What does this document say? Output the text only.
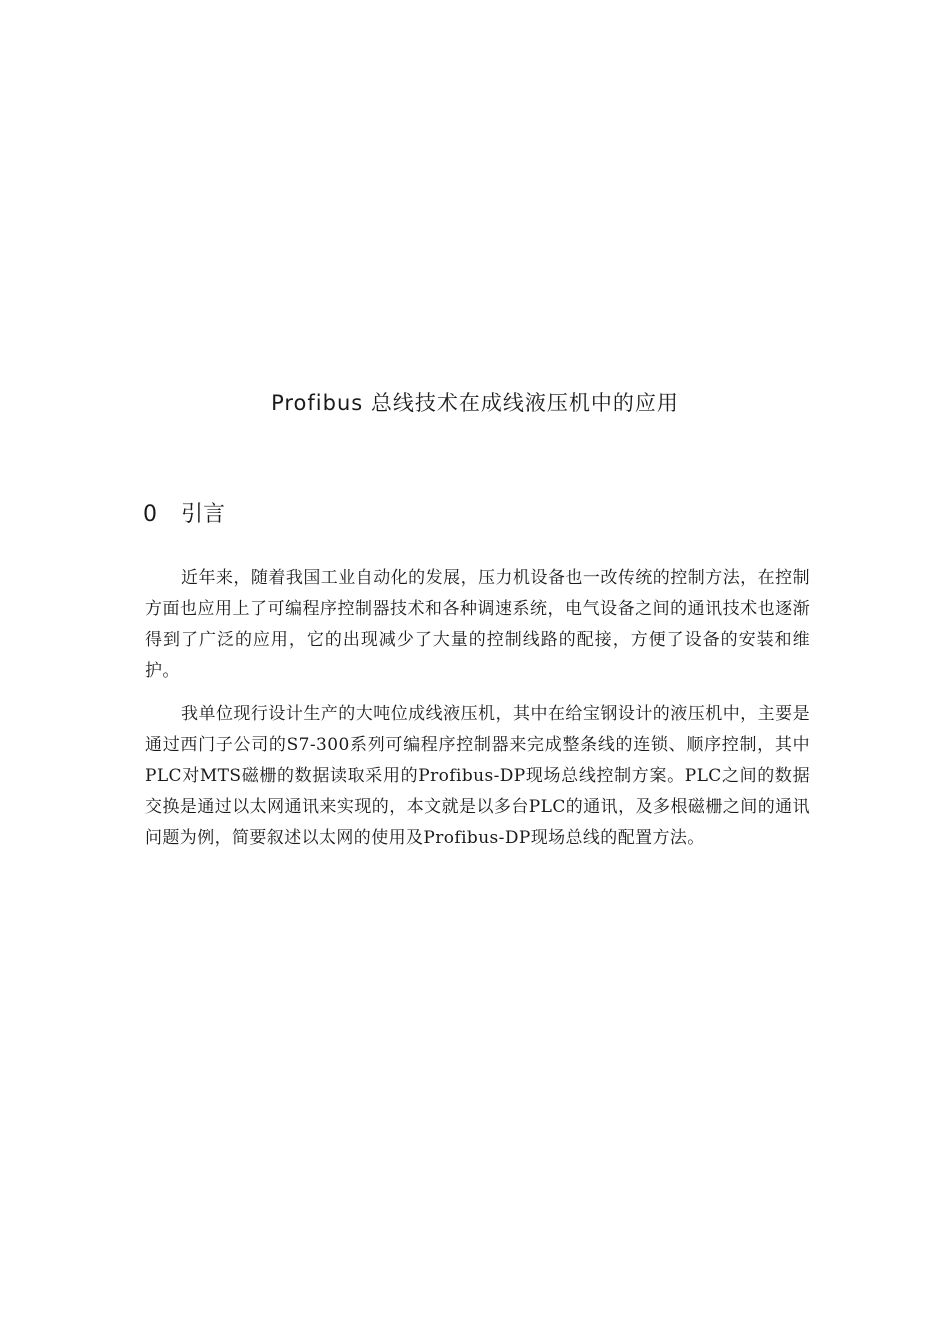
Profibus 总线技术在成线液压机中的应用
0 引言

近年来，随着我国工业自动化的发展，压力机设备也一改传统的控制方法，在控制方面也应用上了可编程序控制器技术和各种调速系统，电气设备之间的通讯技术也逐渐得到了广泛的应用，它的出现减少了大量的控制线路的配接，方便了设备的安装和维护。

我单位现行设计生产的大吨位成线液压机，其中在给宝钢设计的液压机中，主要是通过西门子公司的S7-300系列可编程序控制器来完成整条线的连锁、顺序控制，其中PLC对MTS磁栅的数据读取采用的Profibus-DP现场总线控制方案。PLC之间的数据交换是通过以太网通讯来实现的，本文就是以多台PLC的通讯，及多根磁栅之间的通讯问题为例，简要叙述以太网的使用及Profibus-DP现场总线的配置方法。
